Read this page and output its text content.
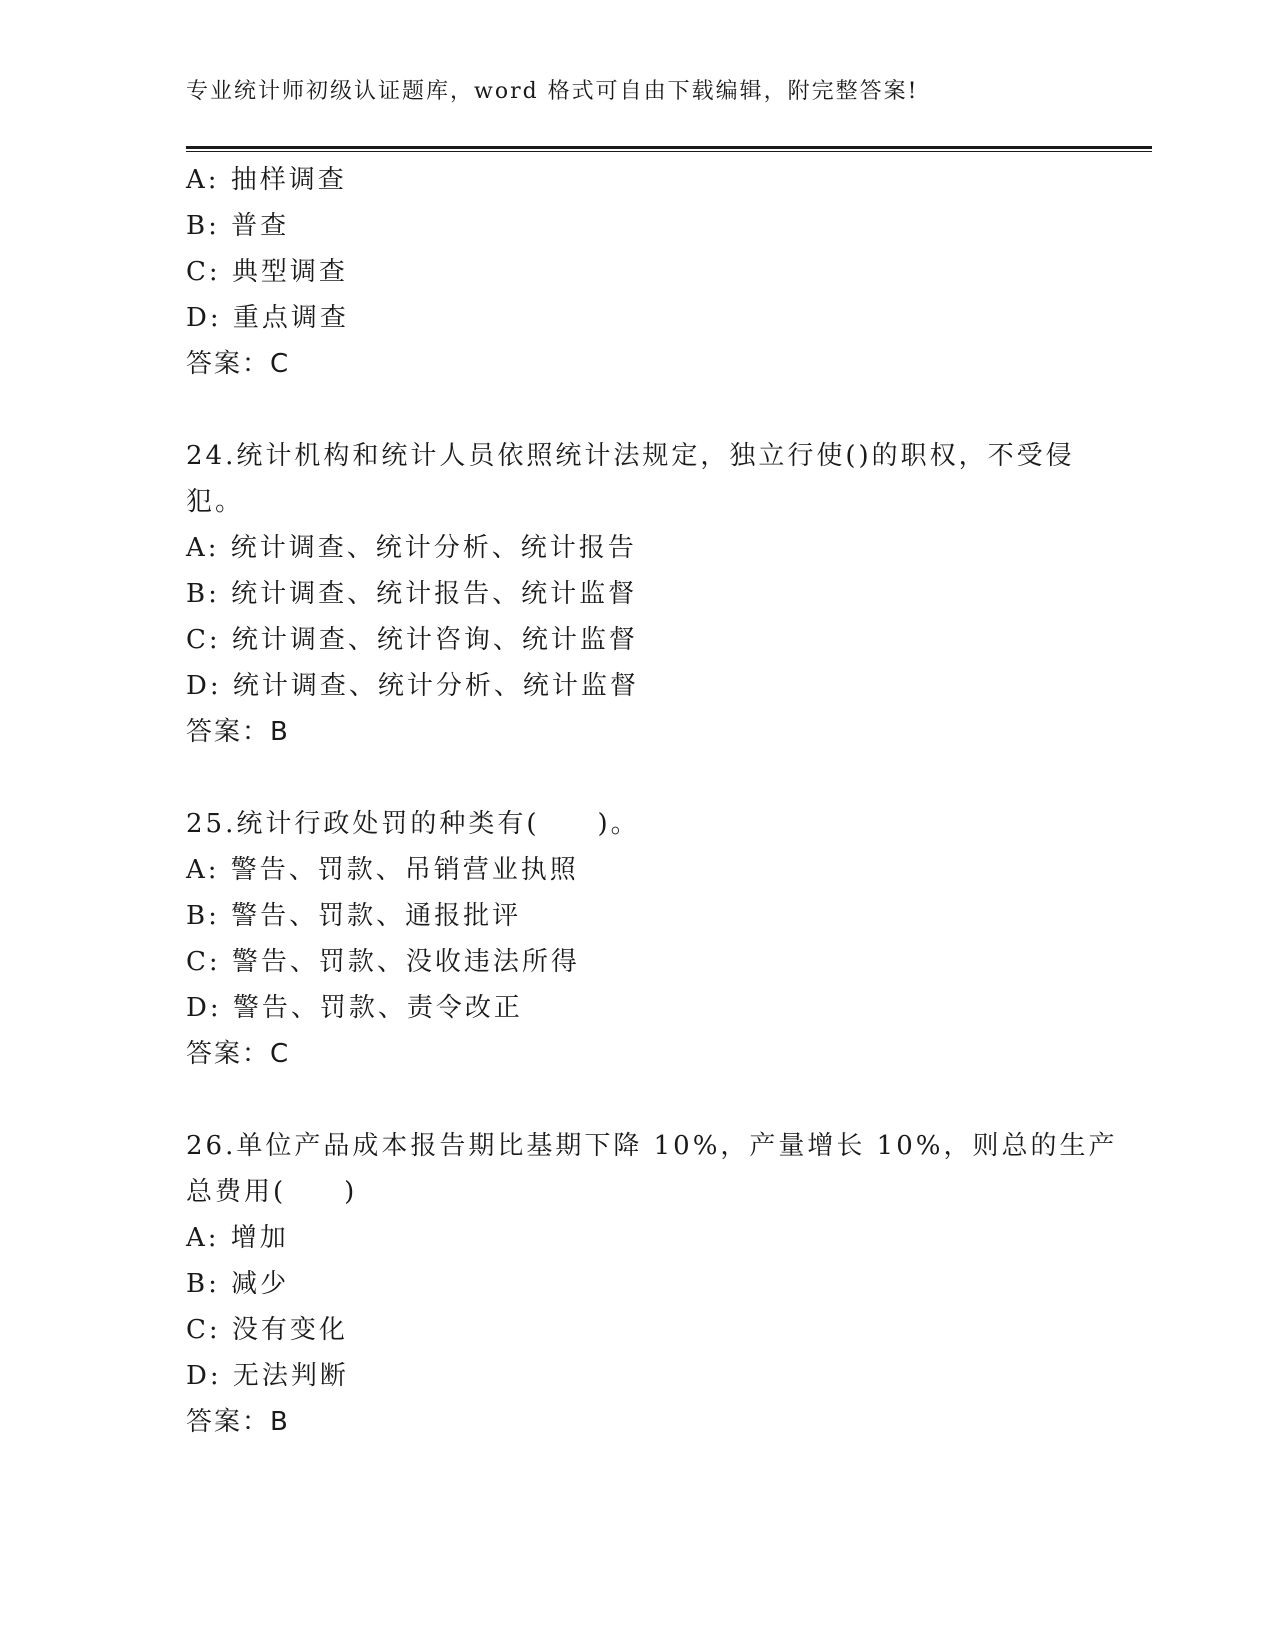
专业统计师初级认证题库，word 格式可自由下载编辑，附完整答案!
A: 抽样调查
B: 普查
C: 典型调查
D: 重点调查
答案：C
24.统计机构和统计人员依照统计法规定，独立行使()的职权，不受侵
犯。
A: 统计调查、统计分析、统计报告
B: 统计调查、统计报告、统计监督
C: 统计调查、统计咨询、统计监督
D: 统计调查、统计分析、统计监督
答案：B
25.统计行政处罚的种类有(　　)。
A: 警告、罚款、吊销营业执照
B: 警告、罚款、通报批评
C: 警告、罚款、没收违法所得
D: 警告、罚款、责令改正
答案：C
26.单位产品成本报告期比基期下降 10%，产量增长 10%，则总的生产
总费用(　　)
A: 增加
B: 减少
C: 没有变化
D: 无法判断
答案：B
